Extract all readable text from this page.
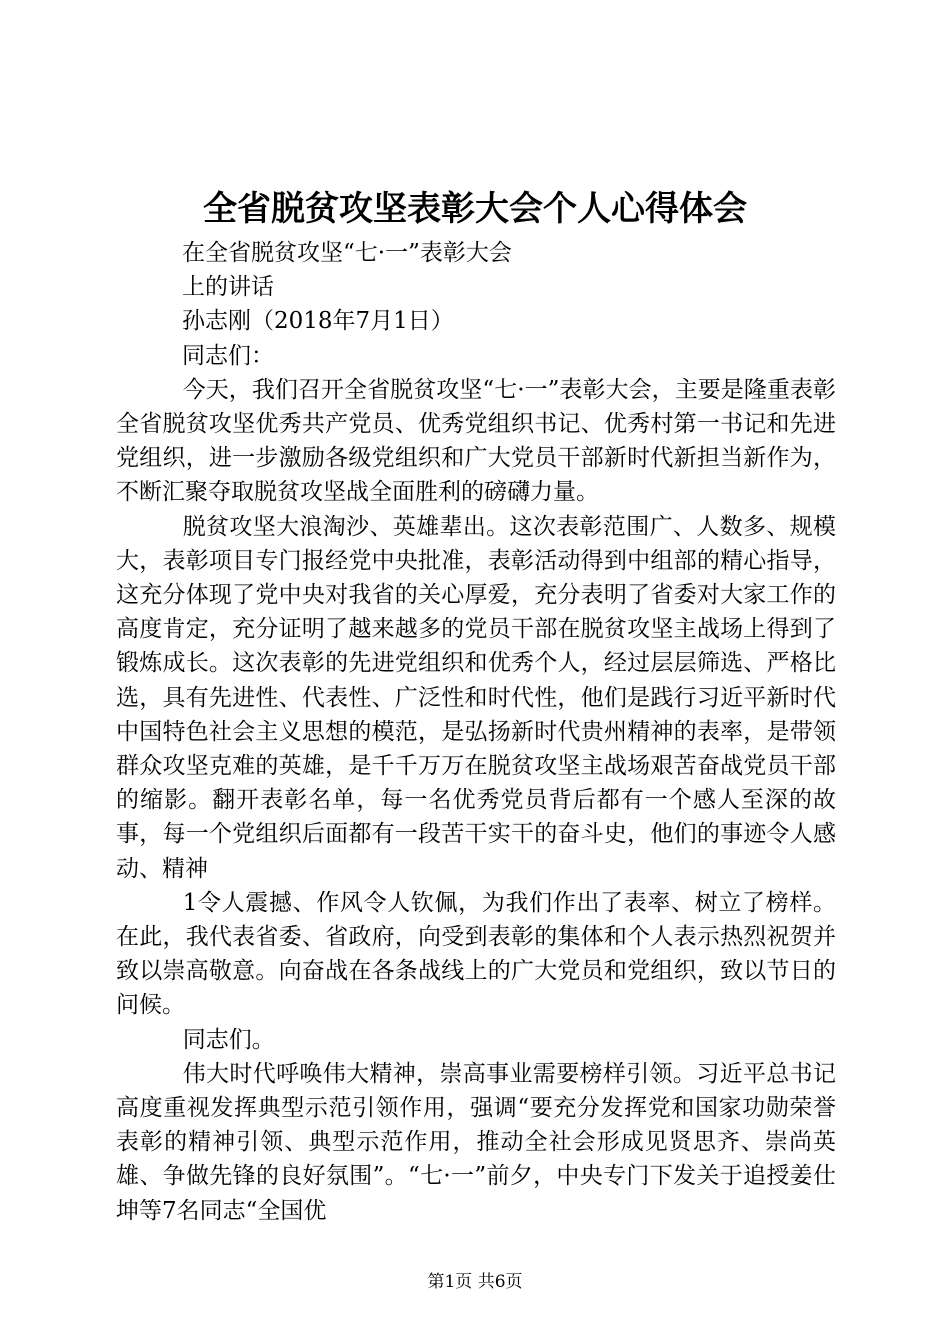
全省脱贫攻坚表彰大会个人心得体会

在全省脱贫攻坚“七·一”表彰大会

上的讲话

孙志刚（2018年7月1日）

同志们：

今天，我们召开全省脱贫攻坚“七·一”表彰大会，主要是隆重表彰全省脱贫攻坚优秀共产党员、优秀党组织书记、优秀村第一书记和先进党组织，进一步激励各级党组织和广大党员干部新时代新担当新作为，不断汇聚夺取脱贫攻坚战全面胜利的磅礴力量。

脱贫攻坚大浪淘沙、英雄辈出。这次表彰范围广、人数多、规模大，表彰项目专门报经党中央批准，表彰活动得到中组部的精心指导，这充分体现了党中央对我省的关心厚爱，充分表明了省委对大家工作的高度肯定，充分证明了越来越多的党员干部在脱贫攻坚主战场上得到了锻炼成长。这次表彰的先进党组织和优秀个人，经过层层筛选、严格比选，具有先进性、代表性、广泛性和时代性，他们是践行习近平新时代中国特色社会主义思想的模范，是弘扬新时代贵州精神的表率，是带领群众攻坚克难的英雄，是千千万万在脱贫攻坚主战场艰苦奋战党员干部的缩影。翻开表彰名单，每一名优秀党员背后都有一个感人至深的故事，每一个党组织后面都有一段苦干实干的奋斗史，他们的事迹令人感动、精神

1令人震撼、作风令人钦佩，为我们作出了表率、树立了榜样。在此，我代表省委、省政府，向受到表彰的集体和个人表示热烈祝贺并致以崇高敬意。向奋战在各条战线上的广大党员和党组织，致以节日的问候。

同志们。

伟大时代呼唤伟大精神，崇高事业需要榜样引领。习近平总书记高度重视发挥典型示范引领作用，强调“要充分发挥党和国家功勋荣誉表彰的精神引领、典型示范作用，推动全社会形成见贤思齐、崇尚英雄、争做先锋的良好氛围”。“七·一”前夕，中央专门下发关于追授姜仕坤等7名同志“全国优

第1页 共6页
